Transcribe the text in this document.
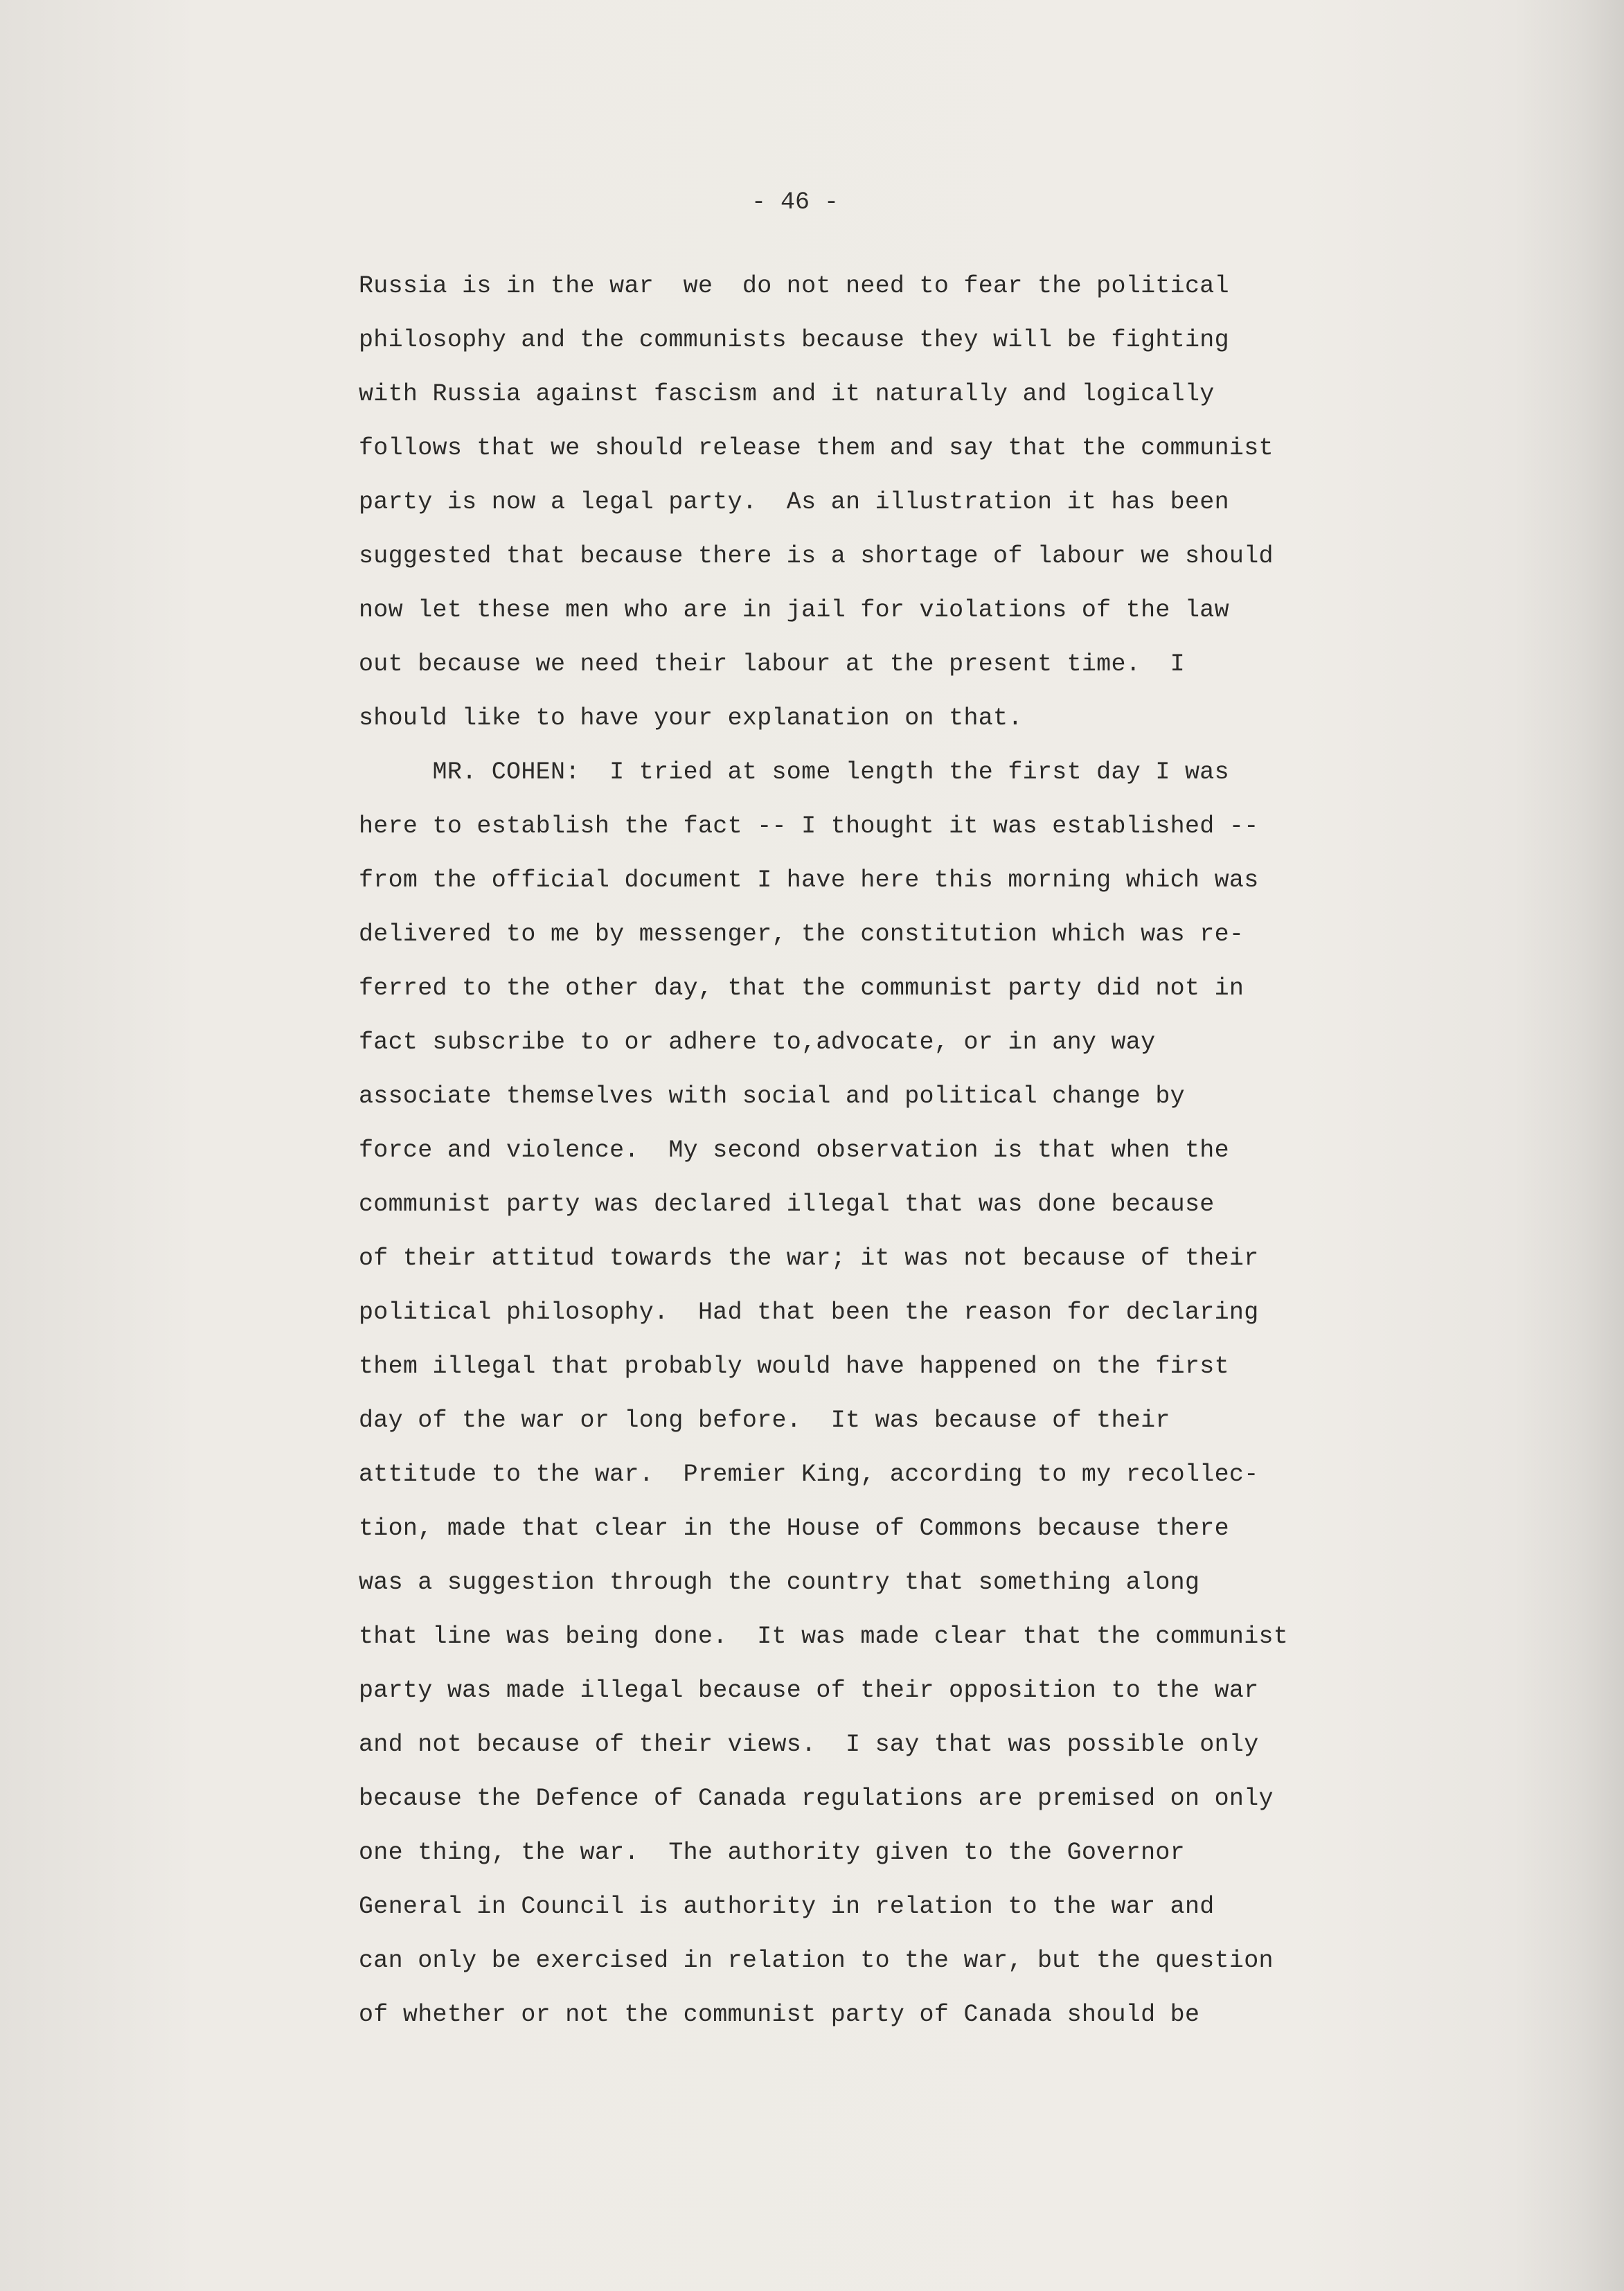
- 46 -
Russia is in the war  we  do not need to fear the political
philosophy and the communists because they will be fighting
with Russia against fascism and it naturally and logically
follows that we should release them and say that the communist
party is now a legal party.  As an illustration it has been
suggested that because there is a shortage of labour we should
now let these men who are in jail for violations of the law
out because we need their labour at the present time.  I
should like to have your explanation on that.
MR. COHEN:  I tried at some length the first day I was
here to establish the fact -- I thought it was established --
from the official document I have here this morning which was
delivered to me by messenger, the constitution which was re-
ferred to the other day, that the communist party did not in
fact subscribe to or adhere to,advocate, or in any way
associate themselves with social and political change by
force and violence.  My second observation is that when the
communist party was declared illegal that was done because
of their attitud towards the war; it was not because of their
political philosophy.  Had that been the reason for declaring
them illegal that probably would have happened on the first
day of the war or long before.  It was because of their
attitude to the war.  Premier King, according to my recollec-
tion, made that clear in the House of Commons because there
was a suggestion through the country that something along
that line was being done.  It was made clear that the communist
party was made illegal because of their opposition to the war
and not because of their views.  I say that was possible only
because the Defence of Canada regulations are premised on only
one thing, the war.  The authority given to the Governor
General in Council is authority in relation to the war and
can only be exercised in relation to the war, but the question
of whether or not the communist party of Canada should be
